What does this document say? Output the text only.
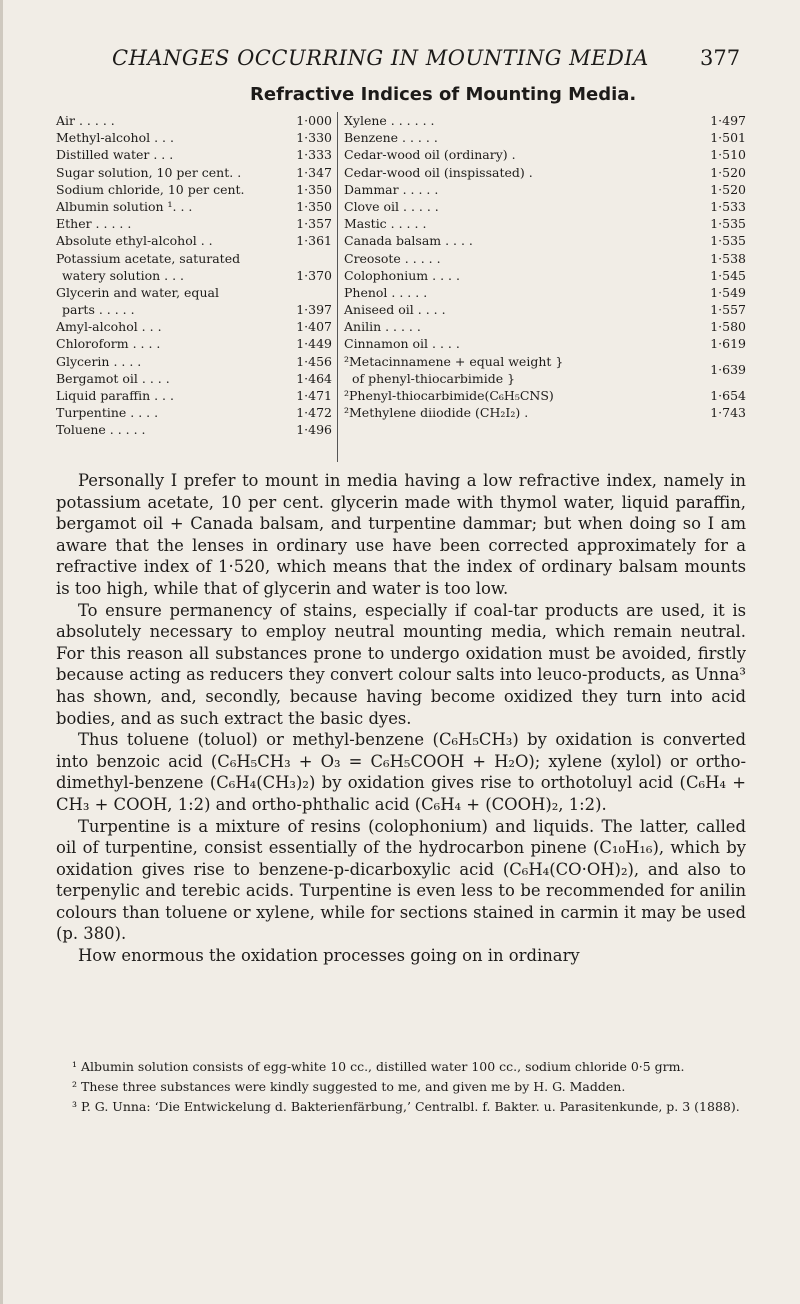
CHANGES OCCURRING IN MOUNTING MEDIA	377
Refractive Indices of Mounting Media.
Air . . . . .	1·000
Methyl-alcohol . . .	1·330
Distilled water . . .	1·333
Sugar solution, 10 per cent. .	1·347
Sodium chloride, 10 per cent.	1·350
Albumin solution ¹. . .	1·350
Ether . . . . .	1·357
Absolute ethyl-alcohol . .	1·361
Potassium acetate, saturated
watery solution . . .	1·370
Glycerin and water, equal
parts . . . . .	1·397
Amyl-alcohol . . .	1·407
Chloroform . . . .	1·449
Glycerin . . . .	1·456
Bergamot oil . . . .	1·464
Liquid paraffin . . .	1·471
Turpentine . . . .	1·472
Toluene . . . . .	1·496
Xylene . . . . . .	1·497
Benzene . . . . .	1·501
Cedar-wood oil (ordinary) .	1·510
Cedar-wood oil (inspissated) .	1·520
Dammar . . . . .	1·520
Clove oil . . . . .	1·533
Mastic . . . . .	1·535
Canada balsam . . . .	1·535
Creosote . . . . .	1·538
Colophonium . . . .	1·545
Phenol . . . . .	1·549
Aniseed oil . . . .	1·557
Anilin . . . . .	1·580
Cinnamon oil . . . .	1·619
²Metacinnamene + equal weight }
of phenyl-thiocarbimide }
1·639
²Phenyl-thiocarbimide(C₆H₅CNS)	1·654
²Methylene diiodide (CH₂I₂) .	1·743

Personally I prefer to mount in media having a low refractive index, namely in potassium acetate, 10 per cent. glycerin made with thymol water, liquid paraffin, bergamot oil + Canada balsam, and turpentine dammar; but when doing so I am aware that the lenses in ordinary use have been corrected approximately for a refractive index of 1·520, which means that the index of ordinary balsam mounts is too high, while that of glycerin and water is too low.

To ensure permanency of stains, especially if coal-tar products are used, it is absolutely necessary to employ neutral mounting media, which remain neutral. For this reason all substances prone to undergo oxidation must be avoided, firstly because acting as reducers they convert colour salts into leuco-products, as Unna³ has shown, and, secondly, because having become oxidized they turn into acid bodies, and as such extract the basic dyes.

Thus toluene (toluol) or methyl-benzene (C₆H₅CH₃) by oxidation is converted into benzoic acid (C₆H₅CH₃ + O₃ = C₆H₅COOH + H₂O); xylene (xylol) or ortho-dimethyl-benzene (C₆H₄(CH₃)₂) by oxidation gives rise to orthotoluyl acid (C₆H₄ + CH₃ + COOH, 1:2) and ortho-phthalic acid (C₆H₄ + (COOH)₂, 1:2).

Turpentine is a mixture of resins (colophonium) and liquids. The latter, called oil of turpentine, consist essentially of the hydrocarbon pinene (C₁₀H₁₆), which by oxidation gives rise to benzene-p-dicarboxylic acid (C₆H₄(CO·OH)₂), and also to terpenylic and terebic acids. Turpentine is even less to be recommended for anilin colours than toluene or xylene, while for sections stained in carmin it may be used (p. 380).

How enormous the oxidation processes going on in ordinary

¹ Albumin solution consists of egg-white 10 cc., distilled water 100 cc., sodium chloride 0·5 grm.

² These three substances were kindly suggested to me, and given me by H. G. Madden.

³ P. G. Unna: ‘Die Entwickelung d. Bakterienfärbung,’ Centralbl. f. Bakter. u. Parasitenkunde, p. 3 (1888).
